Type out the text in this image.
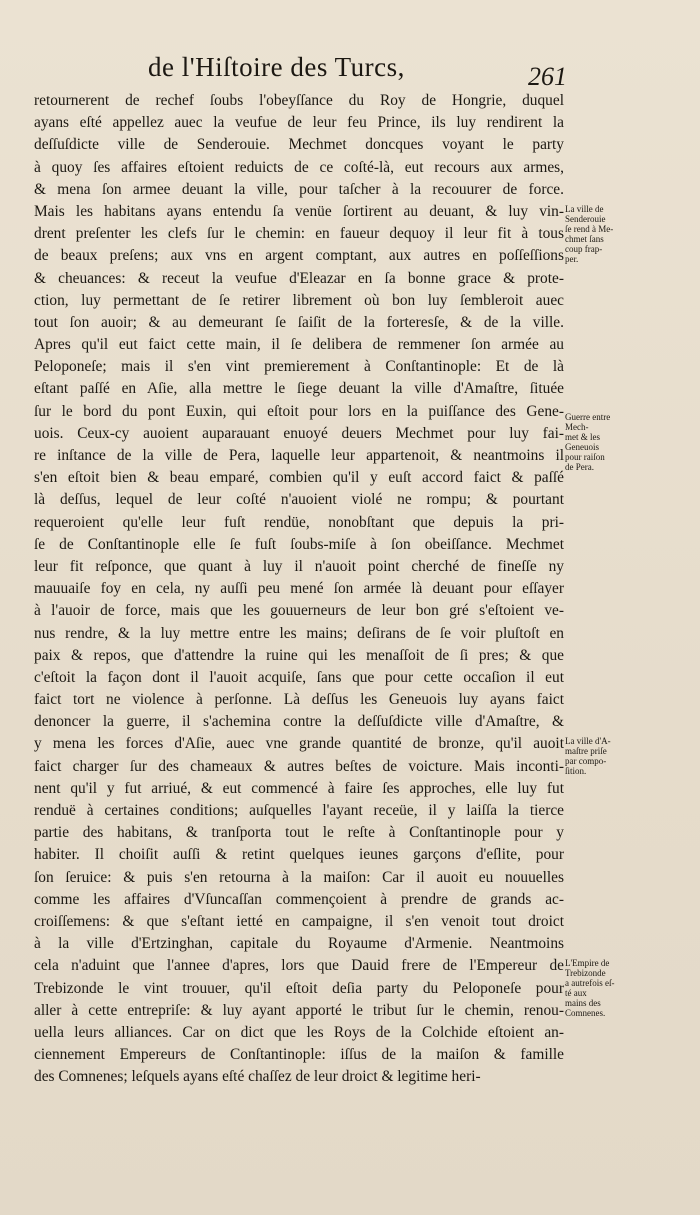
de l'Hiſtoire des Turcs,	261
retournerent de rechef ſoubs l'obeyſſance du Roy de Hongrie, duquel
ayans eſté appellez auec la veufue de leur feu Prince, ils luy rendirent la
deſſuſdicte ville de Senderouie. Mechmet doncques voyant le party
à quoy ſes affaires eſtoient reduicts de ce coſté-là, eut recours aux armes,
& mena ſon armee deuant la ville, pour taſcher à la recouurer de force.
Mais les habitans ayans entendu ſa venüe ſortirent au deuant, & luy vin-
drent preſenter les clefs ſur le chemin: en faueur dequoy il leur fit à tous
de beaux preſens; aux vns en argent comptant, aux autres en poſſeſſions
& cheuances: & receut la veufue d'Eleazar en ſa bonne grace & prote-
ction, luy permettant de ſe retirer librement où bon luy ſembleroit auec
tout ſon auoir; & au demeurant ſe ſaiſit de la forteresſe, & de la ville.
Apres qu'il eut faict cette main, il ſe delibera de remmener ſon armée au
Peloponeſe; mais il s'en vint premierement à Conſtantinople: Et de là
eſtant paſſé en Aſie, alla mettre le ſiege deuant la ville d'Amaſtre, ſituée
ſur le bord du pont Euxin, qui eſtoit pour lors en la puiſſance des Gene-
uois. Ceux-cy auoient auparauant enuoyé deuers Mechmet pour luy fai-
re inſtance de la ville de Pera, laquelle leur appartenoit, & neantmoins il
s'en eſtoit bien & beau emparé, combien qu'il y euſt accord faict & paſſé
là deſſus, lequel de leur coſté n'auoient violé ne rompu; & pourtant
requeroient qu'elle leur fuſt rendüe, nonobſtant que depuis la pri-
ſe de Conſtantinople elle ſe fuſt ſoubs-miſe à ſon obeiſſance. Mechmet
leur fit reſponce, que quant à luy il n'auoit point cherché de fineſſe ny
mauuaiſe foy en cela, ny auſſi peu mené ſon armée là deuant pour eſſayer
à l'auoir de force, mais que les gouuerneurs de leur bon gré s'eſtoient ve-
nus rendre, & la luy mettre entre les mains; deſirans de ſe voir pluſtoſt en
paix & repos, que d'attendre la ruine qui les menaſſoit de ſi pres; & que
c'eſtoit la façon dont il l'auoit acquiſe, ſans que pour cette occaſion il eut
faict tort ne violence à perſonne. Là deſſus les Geneuois luy ayans faict
denoncer la guerre, il s'achemina contre la deſſuſdicte ville d'Amaſtre, &
y mena les forces d'Aſie, auec vne grande quantité de bronze, qu'il auoit
faict charger ſur des chameaux & autres beſtes de voicture. Mais inconti-
nent qu'il y fut arriué, & eut commencé à faire ſes approches, elle luy fut
renduë à certaines conditions; auſquelles l'ayant receüe, il y laiſſa la tierce
partie des habitans, & tranſporta tout le reſte à Conſtantinople pour y
habiter. Il choiſit auſſi & retint quelques ieunes garçons d'eſlite, pour
ſon ſeruice: & puis s'en retourna à la maiſon: Car il auoit eu nouuelles
comme les affaires d'Vſuncaſſan commençoient à prendre de grands ac-
croiſſemens: & que s'eſtant ietté en campaigne, il s'en venoit tout droict
à la ville d'Ertzinghan, capitale du Royaume d'Armenie. Neantmoins
cela n'aduint que l'annee d'apres, lors que Dauid frere de l'Empereur de
Trebizonde le vint trouuer, qu'il eſtoit deſia party du Peloponeſe pour
aller à cette entrepriſe: & luy ayant apporté le tribut ſur le chemin, renou-
uella leurs alliances. Car on dict que les Roys de la Colchide eſtoient an-
ciennement Empereurs de Conſtantinople: iſſus de la maiſon & famille
des Comnenes; leſquels ayans eſté chaſſez de leur droict & legitime heri-
La ville de
Senderouie
ſe rend à Me-
chmet ſans
coup frap-
per.
Guerre entre
Mech-
met & les
Geneuois
pour raiſon
de Pera.
La ville d'A-
maſtre priſe
par compo-
ſition.
L'Empire de
Trebizonde
a autrefois eſ-
té aux
mains des
Comnenes.
